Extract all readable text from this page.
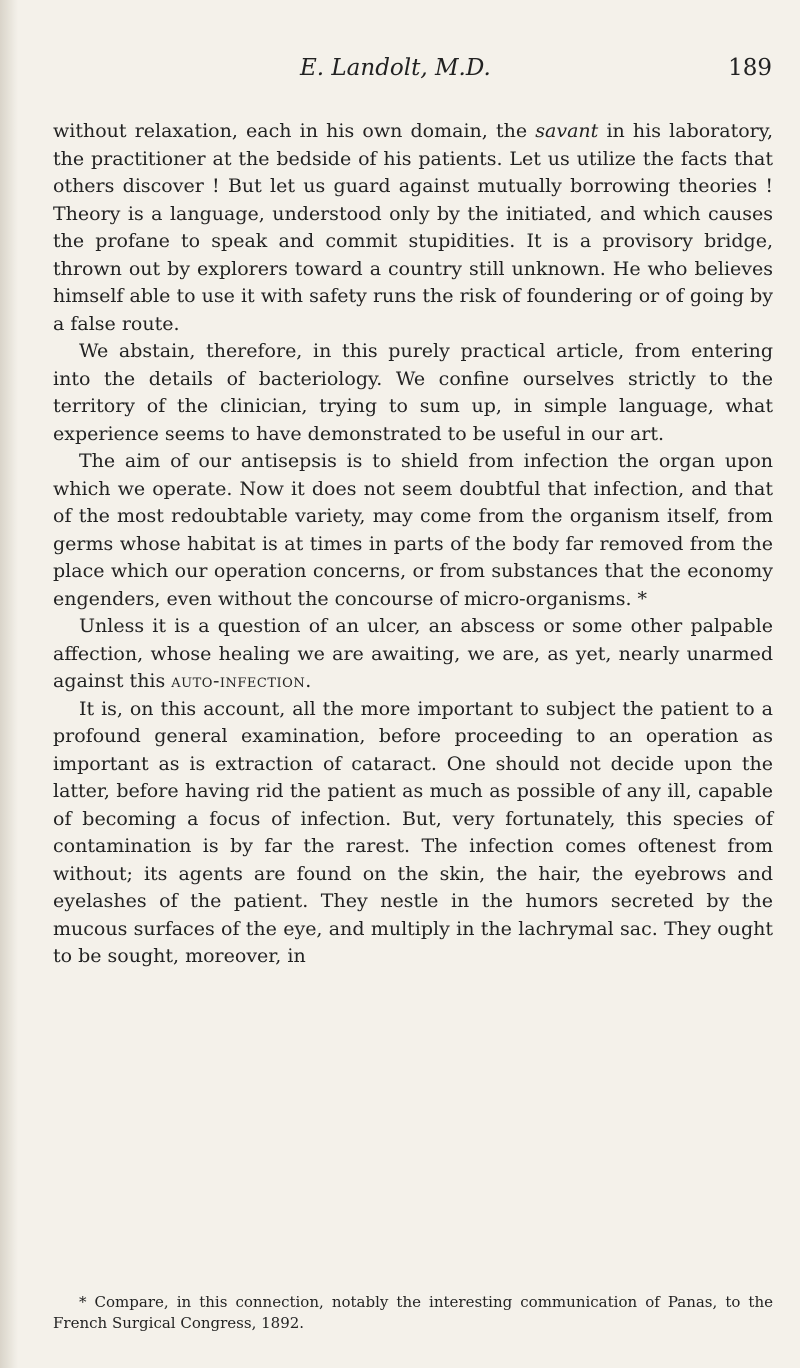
E. Landolt, M.D.	189

without relaxation, each in his own domain, the savant in his laboratory, the practitioner at the bedside of his patients. Let us utilize the facts that others discover ! But let us guard against mutually borrowing theories ! Theory is a language, understood only by the initiated, and which causes the profane to speak and commit stupidities. It is a provisory bridge, thrown out by explorers toward a country still unknown. He who believes himself able to use it with safety runs the risk of foundering or of going by a false route.

We abstain, therefore, in this purely practical article, from entering into the details of bacteriology. We confine ourselves strictly to the territory of the clinician, trying to sum up, in simple language, what experience seems to have demonstrated to be useful in our art.

The aim of our antisepsis is to shield from infection the organ upon which we operate. Now it does not seem doubtful that infection, and that of the most redoubtable variety, may come from the organism itself, from germs whose habitat is at times in parts of the body far removed from the place which our operation concerns, or from substances that the economy engenders, even without the concourse of micro-organisms. *

Unless it is a question of an ulcer, an abscess or some other palpable affection, whose healing we are awaiting, we are, as yet, nearly unarmed against this auto-infection.

It is, on this account, all the more important to subject the patient to a profound general examination, before proceeding to an operation as important as is extraction of cataract. One should not decide upon the latter, before having rid the patient as much as possible of any ill, capable of becoming a focus of infection. But, very fortunately, this species of contamination is by far the rarest. The infection comes oftenest from without; its agents are found on the skin, the hair, the eyebrows and eyelashes of the patient. They nestle in the humors secreted by the mucous surfaces of the eye, and multiply in the lachrymal sac. They ought to be sought, moreover, in

* Compare, in this connection, notably the interesting communication of Panas, to the French Surgical Congress, 1892.
